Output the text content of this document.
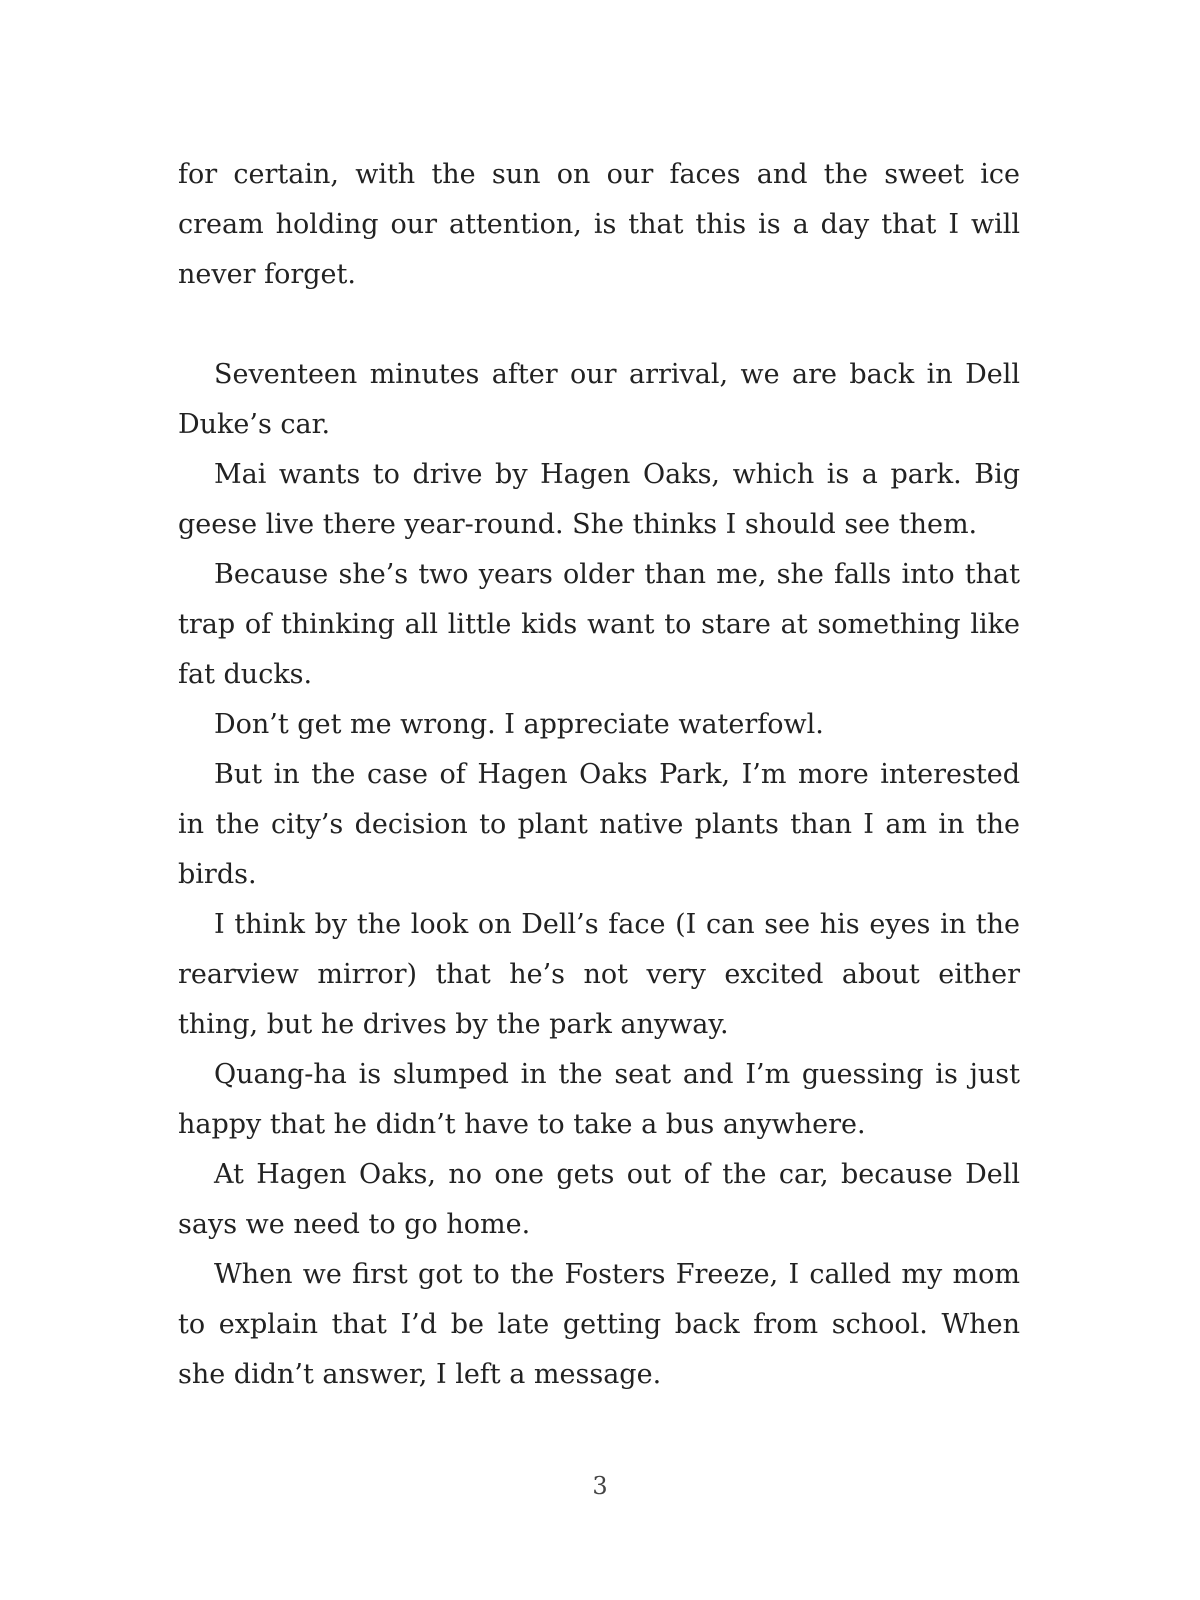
for certain, with the sun on our faces and the sweet ice cream holding our attention, is that this is a day that I will never forget.

Seventeen minutes after our arrival, we are back in Dell Duke’s car.

Mai wants to drive by Hagen Oaks, which is a park. Big geese live there year-round. She thinks I should see them.

Because she’s two years older than me, she falls into that trap of thinking all little kids want to stare at something like fat ducks.

Don’t get me wrong. I appreciate waterfowl.

But in the case of Hagen Oaks Park, I’m more interested in the city’s decision to plant native plants than I am in the birds.

I think by the look on Dell’s face (I can see his eyes in the rearview mirror) that he’s not very excited about either thing, but he drives by the park anyway.

Quang-ha is slumped in the seat and I’m guessing is just happy that he didn’t have to take a bus anywhere.

At Hagen Oaks, no one gets out of the car, because Dell says we need to go home.

When we first got to the Fosters Freeze, I called my mom to explain that I’d be late getting back from school. When she didn’t answer, I left a message.

3
